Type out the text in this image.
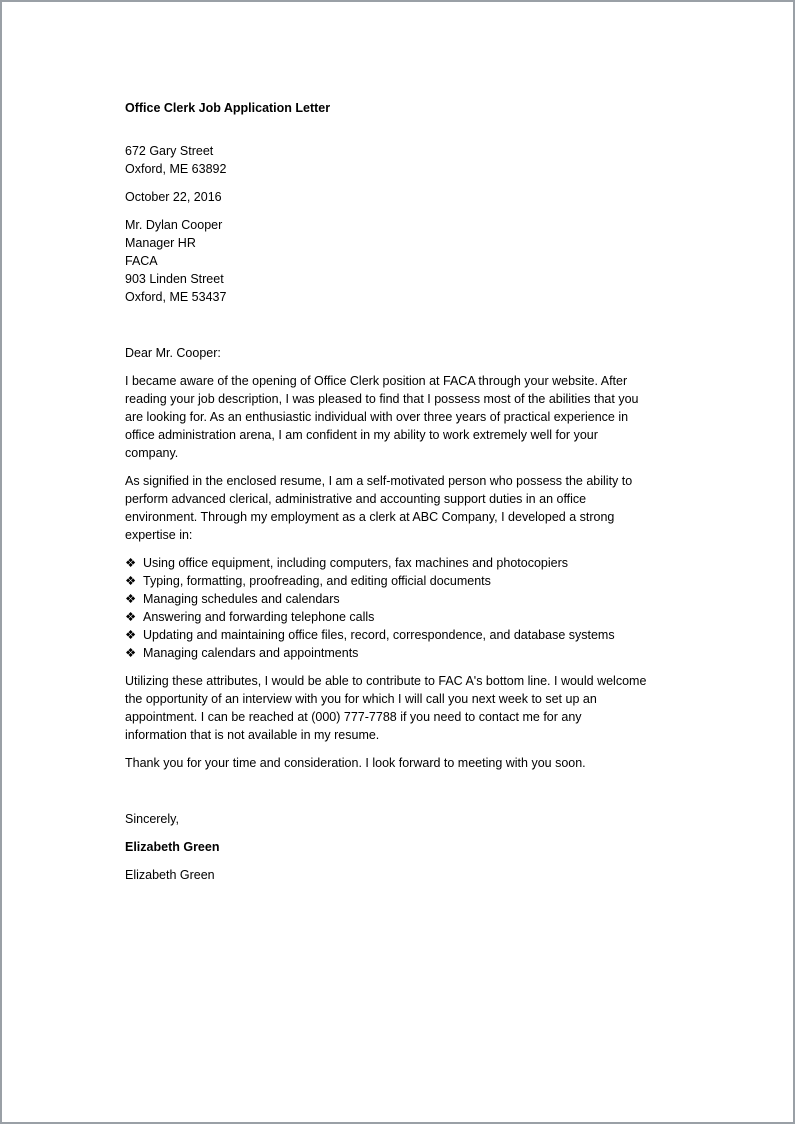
Office Clerk Job Application Letter
672 Gary Street
Oxford, ME 63892
October 22, 2016
Mr. Dylan Cooper
Manager HR
FACA
903 Linden Street
Oxford, ME 53437
Dear Mr. Cooper:
I became aware of the opening of Office Clerk position at FACA through your website. After
reading your job description, I was pleased to find that I possess most of the abilities that you
are looking for. As an enthusiastic individual with over three years of practical experience in
office administration arena, I am confident in my ability to work extremely well for your
company.
As signified in the enclosed resume, I am a self-motivated person who possess the ability to
perform advanced clerical, administrative and accounting support duties in an office
environment. Through my employment as a clerk at ABC Company, I developed a strong
expertise in:
❖ Using office equipment, including computers, fax machines and photocopiers
❖ Typing, formatting, proofreading, and editing official documents
❖ Managing schedules and calendars
❖ Answering and forwarding telephone calls
❖ Updating and maintaining office files, record, correspondence, and database systems
❖ Managing calendars and appointments
Utilizing these attributes, I would be able to contribute to FAC A's bottom line. I would welcome
the opportunity of an interview with you for which I will call you next week to set up an
appointment. I can be reached at (000) 777-7788 if you need to contact me for any
information that is not available in my resume.
Thank you for your time and consideration. I look forward to meeting with you soon.
Sincerely,
Elizabeth Green
Elizabeth Green
